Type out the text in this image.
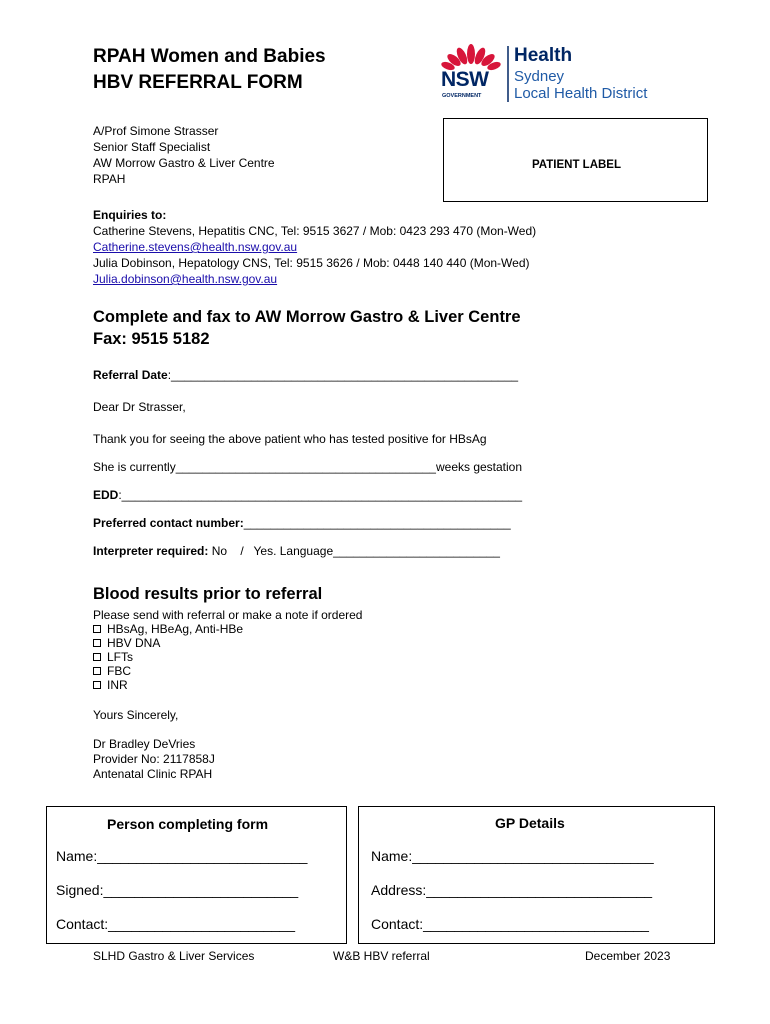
RPAH Women and Babies
HBV REFERRAL FORM	NSW
GOVERNMENT
Health
Sydney
Local Health District
A/Prof Simone Strasser
Senior Staff Specialist
AW Morrow Gastro & Liver Centre
RPAH
PATIENT LABEL
Enquiries to:
Catherine Stevens, Hepatitis CNC, Tel: 9515 3627 / Mob: 0423 293 470 (Mon-Wed)
Catherine.stevens@health.nsw.gov.au
Julia Dobinson, Hepatology CNS, Tel: 9515 3626 / Mob: 0448 140 440 (Mon-Wed)
Julia.dobinson@health.nsw.gov.au
Complete and fax to AW Morrow Gastro & Liver Centre
Fax: 9515 5182
Referral Date:____________________________________________________
Dear Dr Strasser,
Thank you for seeing the above patient who has tested positive for HBsAg
She is currently_______________________________________weeks gestation
EDD:____________________________________________________________
Preferred contact number:________________________________________
Interpreter required: No    /   Yes. Language_________________________
Blood results prior to referral
Please send with referral or make a note if ordered
HBsAg, HBeAg, Anti-HBe
HBV DNA
LFTs
FBC
INR
Yours Sincerely,
Dr Bradley DeVries
Provider No: 2117858J
Antenatal Clinic RPAH
Person completing form
Name:___________________________
Signed:_________________________
Contact:________________________
GP Details
Name:_______________________________
Address:_____________________________
Contact:_____________________________
SLHD Gastro & Liver Services	W&B HBV referral	December 2023
